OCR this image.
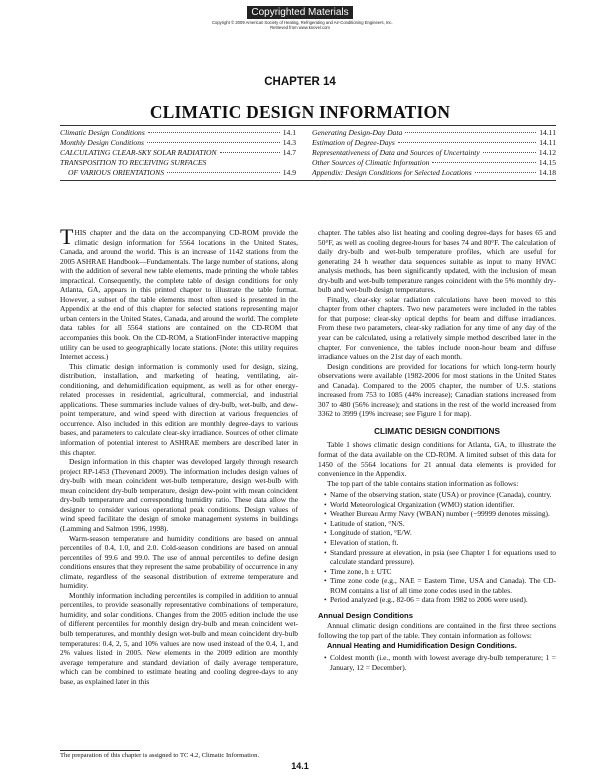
Copyrighted Materials
Copyright © 2009 American Society of Heating, Refrigerating and Air-Conditioning Engineers, Inc.
Retrieved from www.knovel.com
CHAPTER 14
CLIMATIC DESIGN INFORMATION
Climatic Design Conditions	14.1
Monthly Design Conditions	14.3
CALCULATING CLEAR-SKY SOLAR RADIATION	14.7
TRANSPOSITION TO RECEIVING SURFACES
OF VARIOUS ORIENTATIONS	14.9
Generating Design-Day Data	14.11
Estimation of Degree-Days	14.11
Representativeness of Data and Sources of Uncertainty	14.12
Other Sources of Climatic Information	14.15
Appendix: Design Conditions for Selected Locations	14.18

THIS chapter and the data on the accompanying CD-ROM provide the climatic design information for 5564 locations in the United States, Canada, and around the world. This is an increase of 1142 stations from the 2005 ASHRAE Handbook—Fundamentals. The large number of stations, along with the addition of several new table elements, made printing the whole tables impractical. Consequently, the complete table of design conditions for only Atlanta, GA, appears in this printed chapter to illustrate the table format. However, a subset of the table elements most often used is presented in the Appendix at the end of this chapter for selected stations representing major urban centers in the United States, Canada, and around the world. The complete data tables for all 5564 stations are contained on the CD-ROM that accompanies this book. On the CD-ROM, a StationFinder interactive mapping utility can be used to geographically locate stations. (Note: this utility requires Internet access.)

This climatic design information is commonly used for design, sizing, distribution, installation, and marketing of heating, ventilating, air-conditioning, and dehumidification equipment, as well as for other energy-related processes in residential, agricultural, commercial, and industrial applications. These summaries include values of dry-bulb, wet-bulb, and dew-point temperature, and wind speed with direction at various frequencies of occurrence. Also included in this edition are monthly degree-days to various bases, and parameters to calculate clear-sky irradiance. Sources of other climate information of potential interest to ASHRAE members are described later in this chapter.

Design information in this chapter was developed largely through research project RP-1453 (Thevenard 2009). The information includes design values of dry-bulb with mean coincident wet-bulb temperature, design wet-bulb with mean coincident dry-bulb temperature, design dew-point with mean coincident dry-bulb temperature and corresponding humidity ratio. These data allow the designer to consider various operational peak conditions. Design values of wind speed facilitate the design of smoke management systems in buildings (Lamming and Salmon 1996, 1998).

Warm-season temperature and humidity conditions are based on annual percentiles of 0.4, 1.0, and 2.0. Cold-season conditions are based on annual percentiles of 99.6 and 99.0. The use of annual percentiles to define design conditions ensures that they represent the same probability of occurrence in any climate, regardless of the seasonal distribution of extreme temperature and humidity.

Monthly information including percentiles is compiled in addition to annual percentiles, to provide seasonally representative combinations of temperature, humidity, and solar conditions. Changes from the 2005 edition include the use of different percentiles for monthly design dry-bulb and mean coincident wet-bulb temperatures, and monthly design wet-bulb and mean coincident dry-bulb temperatures: 0.4, 2, 5, and 10% values are now used instead of the 0.4, 1, and 2% values listed in 2005. New elements in the 2009 edition are monthly average temperature and standard deviation of daily average temperature, which can be combined to estimate heating and cooling degree-days to any base, as explained later in this

chapter. The tables also list heating and cooling degree-days for bases 65 and 50°F, as well as cooling degree-hours for bases 74 and 80°F. The calculation of daily dry-bulb and wet-bulb temperature profiles, which are useful for generating 24 h weather data sequences suitable as input to many HVAC analysis methods, has been significantly updated, with the inclusion of mean dry-bulb and wet-bulb temperature ranges coincident with the 5% monthly dry-bulb and wet-bulb design temperatures.

Finally, clear-sky solar radiation calculations have been moved to this chapter from other chapters. Two new parameters were included in the tables for that purpose: clear-sky optical depths for beam and diffuse irradiances. From these two parameters, clear-sky radiation for any time of any day of the year can be calculated, using a relatively simple method described later in the chapter. For convenience, the tables include noon-hour beam and diffuse irradiance values on the 21st day of each month.

Design conditions are provided for locations for which long-term hourly observations were available (1982-2006 for most stations in the United States and Canada). Compared to the 2005 chapter, the number of U.S. stations increased from 753 to 1085 (44% increase); Canadian stations increased from 307 to 480 (56% increase); and stations in the rest of the world increased from 3362 to 3999 (19% increase; see Figure 1 for map).

CLIMATIC DESIGN CONDITIONS

Table 1 shows climatic design conditions for Atlanta, GA, to illustrate the format of the data available on the CD-ROM. A limited subset of this data for 1450 of the 5564 locations for 21 annual data elements is provided for convenience in the Appendix.

The top part of the table contains station information as follows:

• Name of the observing station, state (USA) or province (Canada), country.
• World Meteorological Organization (WMO) station identifier.
• Weather Bureau Army Navy (WBAN) number (−99999 denotes missing).
• Latitude of station, °N/S.
• Longitude of station, °E/W.
• Elevation of station, ft.
• Standard pressure at elevation, in psia (see Chapter 1 for equations used to calculate standard pressure).
• Time zone, h ± UTC
• Time zone code (e.g., NAE = Eastern Time, USA and Canada). The CD-ROM contains a list of all time zone codes used in the tables.
• Period analyzed (e.g., 82-06 = data from 1982 to 2006 were used).
Annual Design Conditions

Annual climatic design conditions are contained in the first three sections following the top part of the table. They contain information as follows:

Annual Heating and Humidification Design Conditions.
• Coldest month (i.e., month with lowest average dry-bulb temperature; 1 = January, 12 = December).
The preparation of this chapter is assigned to TC 4.2, Climatic Information.
14.1
